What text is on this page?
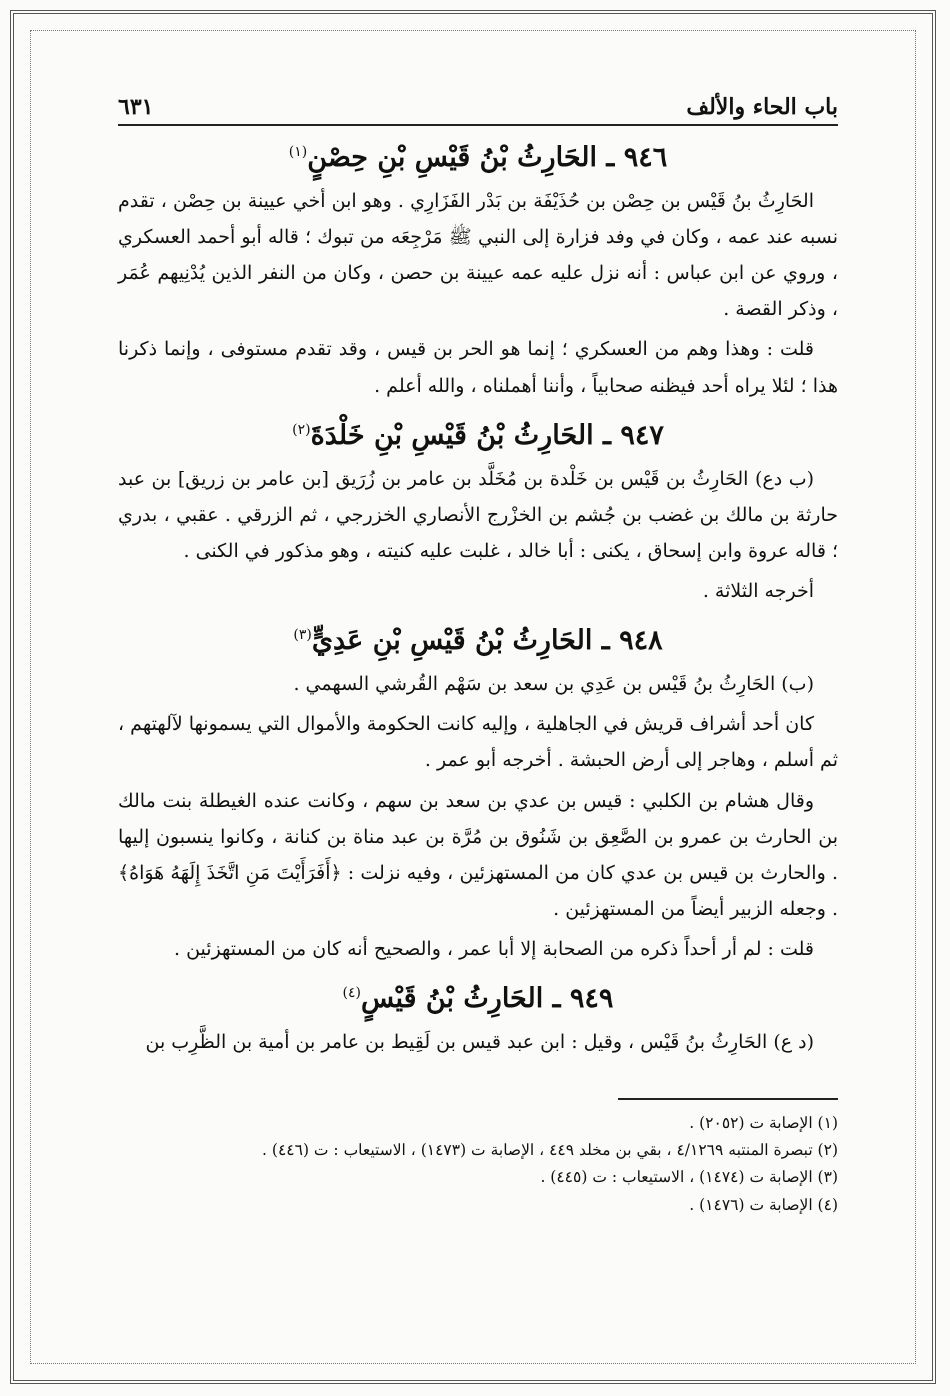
باب الحاء والألف
٦٣١
٩٤٦ ـ الحَارِثُ بْنُ قَيْسِ بْنِ حِصْنٍ$^{(١)}$

الحَارِثُ بنُ قَيْس بن حِصْن بن حُذَيْفَة بن بَدْر الفَزَارِي . وهو ابن أخي عيينة بن حِصْن ، تقدم نسبه عند عمه ، وكان في وفد فزارة إلى النبي ﷺ مَرْجِعَه من تبوك ؛ قاله أبو أحمد العسكري ، وروي عن ابن عباس : أنه نزل عليه عمه عيينة بن حصن ، وكان من النفر الذين يُدْنِيهم عُمَر ، وذكر القصة .

قلت : وهذا وهم من العسكري ؛ إنما هو الحر بن قيس ، وقد تقدم مستوفى ، وإنما ذكرنا هذا ؛ لئلا يراه أحد فيظنه صحابياً ، وأننا أهملناه ، والله أعلم .

٩٤٧ ـ الحَارِثُ بْنُ قَيْسِ بْنِ خَلْدَةَ$^{(٢)}$

(ب دع) الحَارِثُ بن قَيْس بن خَلْدة بن مُخَلَّد بن عامر بن زُرَيق [بن عامر بن زريق] بن عبد حارثة بن مالك بن غضب بن جُشم بن الخزْرج الأنصاري الخزرجي ، ثم الزرقي . عقبي ، بدري ؛ قاله عروة وابن إسحاق ، يكنى : أبا خالد ، غلبت عليه كنيته ، وهو مذكور في الكنى .

أخرجه الثلاثة .

٩٤٨ ـ الحَارِثُ بْنُ قَيْسِ بْنِ عَدِيٍّ$^{(٣)}$

(ب) الحَارِثُ بنُ قَيْس بن عَدِي بن سعد بن سَهْم القُرشي السهمي .

كان أحد أشراف قريش في الجاهلية ، وإليه كانت الحكومة والأموال التي يسمونها لآلهتهم ، ثم أسلم ، وهاجر إلى أرض الحبشة . أخرجه أبو عمر .

وقال هشام بن الكلبي : قيس بن عدي بن سعد بن سهم ، وكانت عنده الغيطلة بنت مالك بن الحارث بن عمرو بن الصَّعِق بن شَنُوق بن مُرَّة بن عبد مناة بن كنانة ، وكانوا ينسبون إليها . والحارث بن قيس بن عدي كان من المستهزئين ، وفيه نزلت : ﴿أَفَرَأَيْتَ مَنِ اتَّخَذَ إِلَهَهُ هَوَاهُ﴾ . وجعله الزبير أيضاً من المستهزئين .

قلت : لم أر أحداً ذكره من الصحابة إلا أبا عمر ، والصحيح أنه كان من المستهزئين .

٩٤٩ ـ الحَارِثُ بْنُ قَيْسٍ$^{(٤)}$

(د ع) الحَارِثُ بنُ قَيْس ، وقيل : ابن عبد قيس بن لَقِيط بن عامر بن أمية بن الظَّرِب بن

(١) الإصابة ت (٢٠٥٢) .

(٢) تبصرة المنتبه ٤/١٢٦٩ ، بقي بن مخلد ٤٤٩ ، الإصابة ت (١٤٧٣) ، الاستيعاب : ت (٤٤٦) .

(٣) الإصابة ت (١٤٧٤) ، الاستيعاب : ت (٤٤٥) .

(٤) الإصابة ت (١٤٧٦) .
